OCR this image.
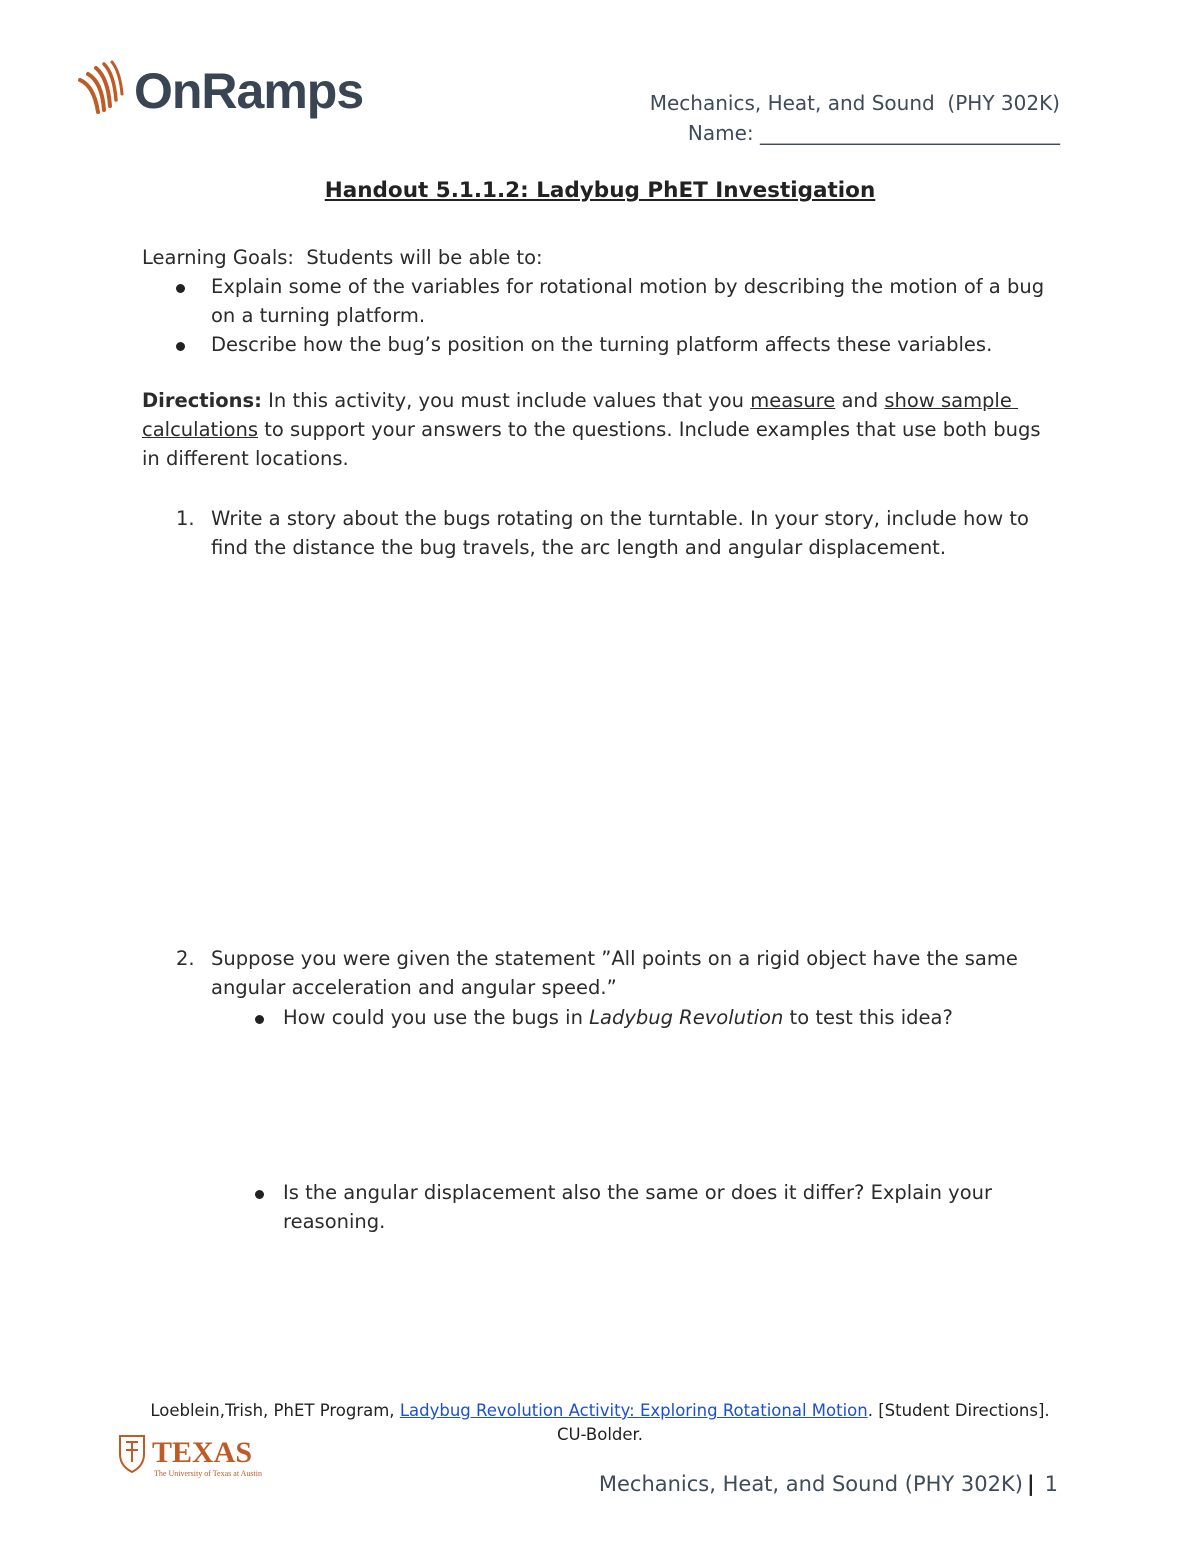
OnRamps	Mechanics, Heat, and Sound  (PHY 302K)
Name: ______________________________
Handout 5.1.1.2: Ladybug PhET Investigation
Learning Goals:  Students will be able to:
Explain some of the variables for rotational motion by describing the motion of a bug on a turning platform.
Describe how the bug’s position on the turning platform affects these variables.
Directions: In this activity, you must include values that you measure and show sample calculations to support your answers to the questions. Include examples that use both bugs in different locations.
1. Write a story about the bugs rotating on the turntable. In your story, include how to find the distance the bug travels, the arc length and angular displacement.
2. Suppose you were given the statement ”All points on a rigid object have the same angular acceleration and angular speed.”
How could you use the bugs in Ladybug Revolution to test this idea?
Is the angular displacement also the same or does it differ? Explain your reasoning.
Loeblein,Trish, PhET Program, Ladybug Revolution Activity: Exploring Rotational Motion. [Student Directions]. CU-Bolder.
TEXAS
The University of Texas at Austin	Mechanics, Heat, and Sound (PHY 302K) | 1
